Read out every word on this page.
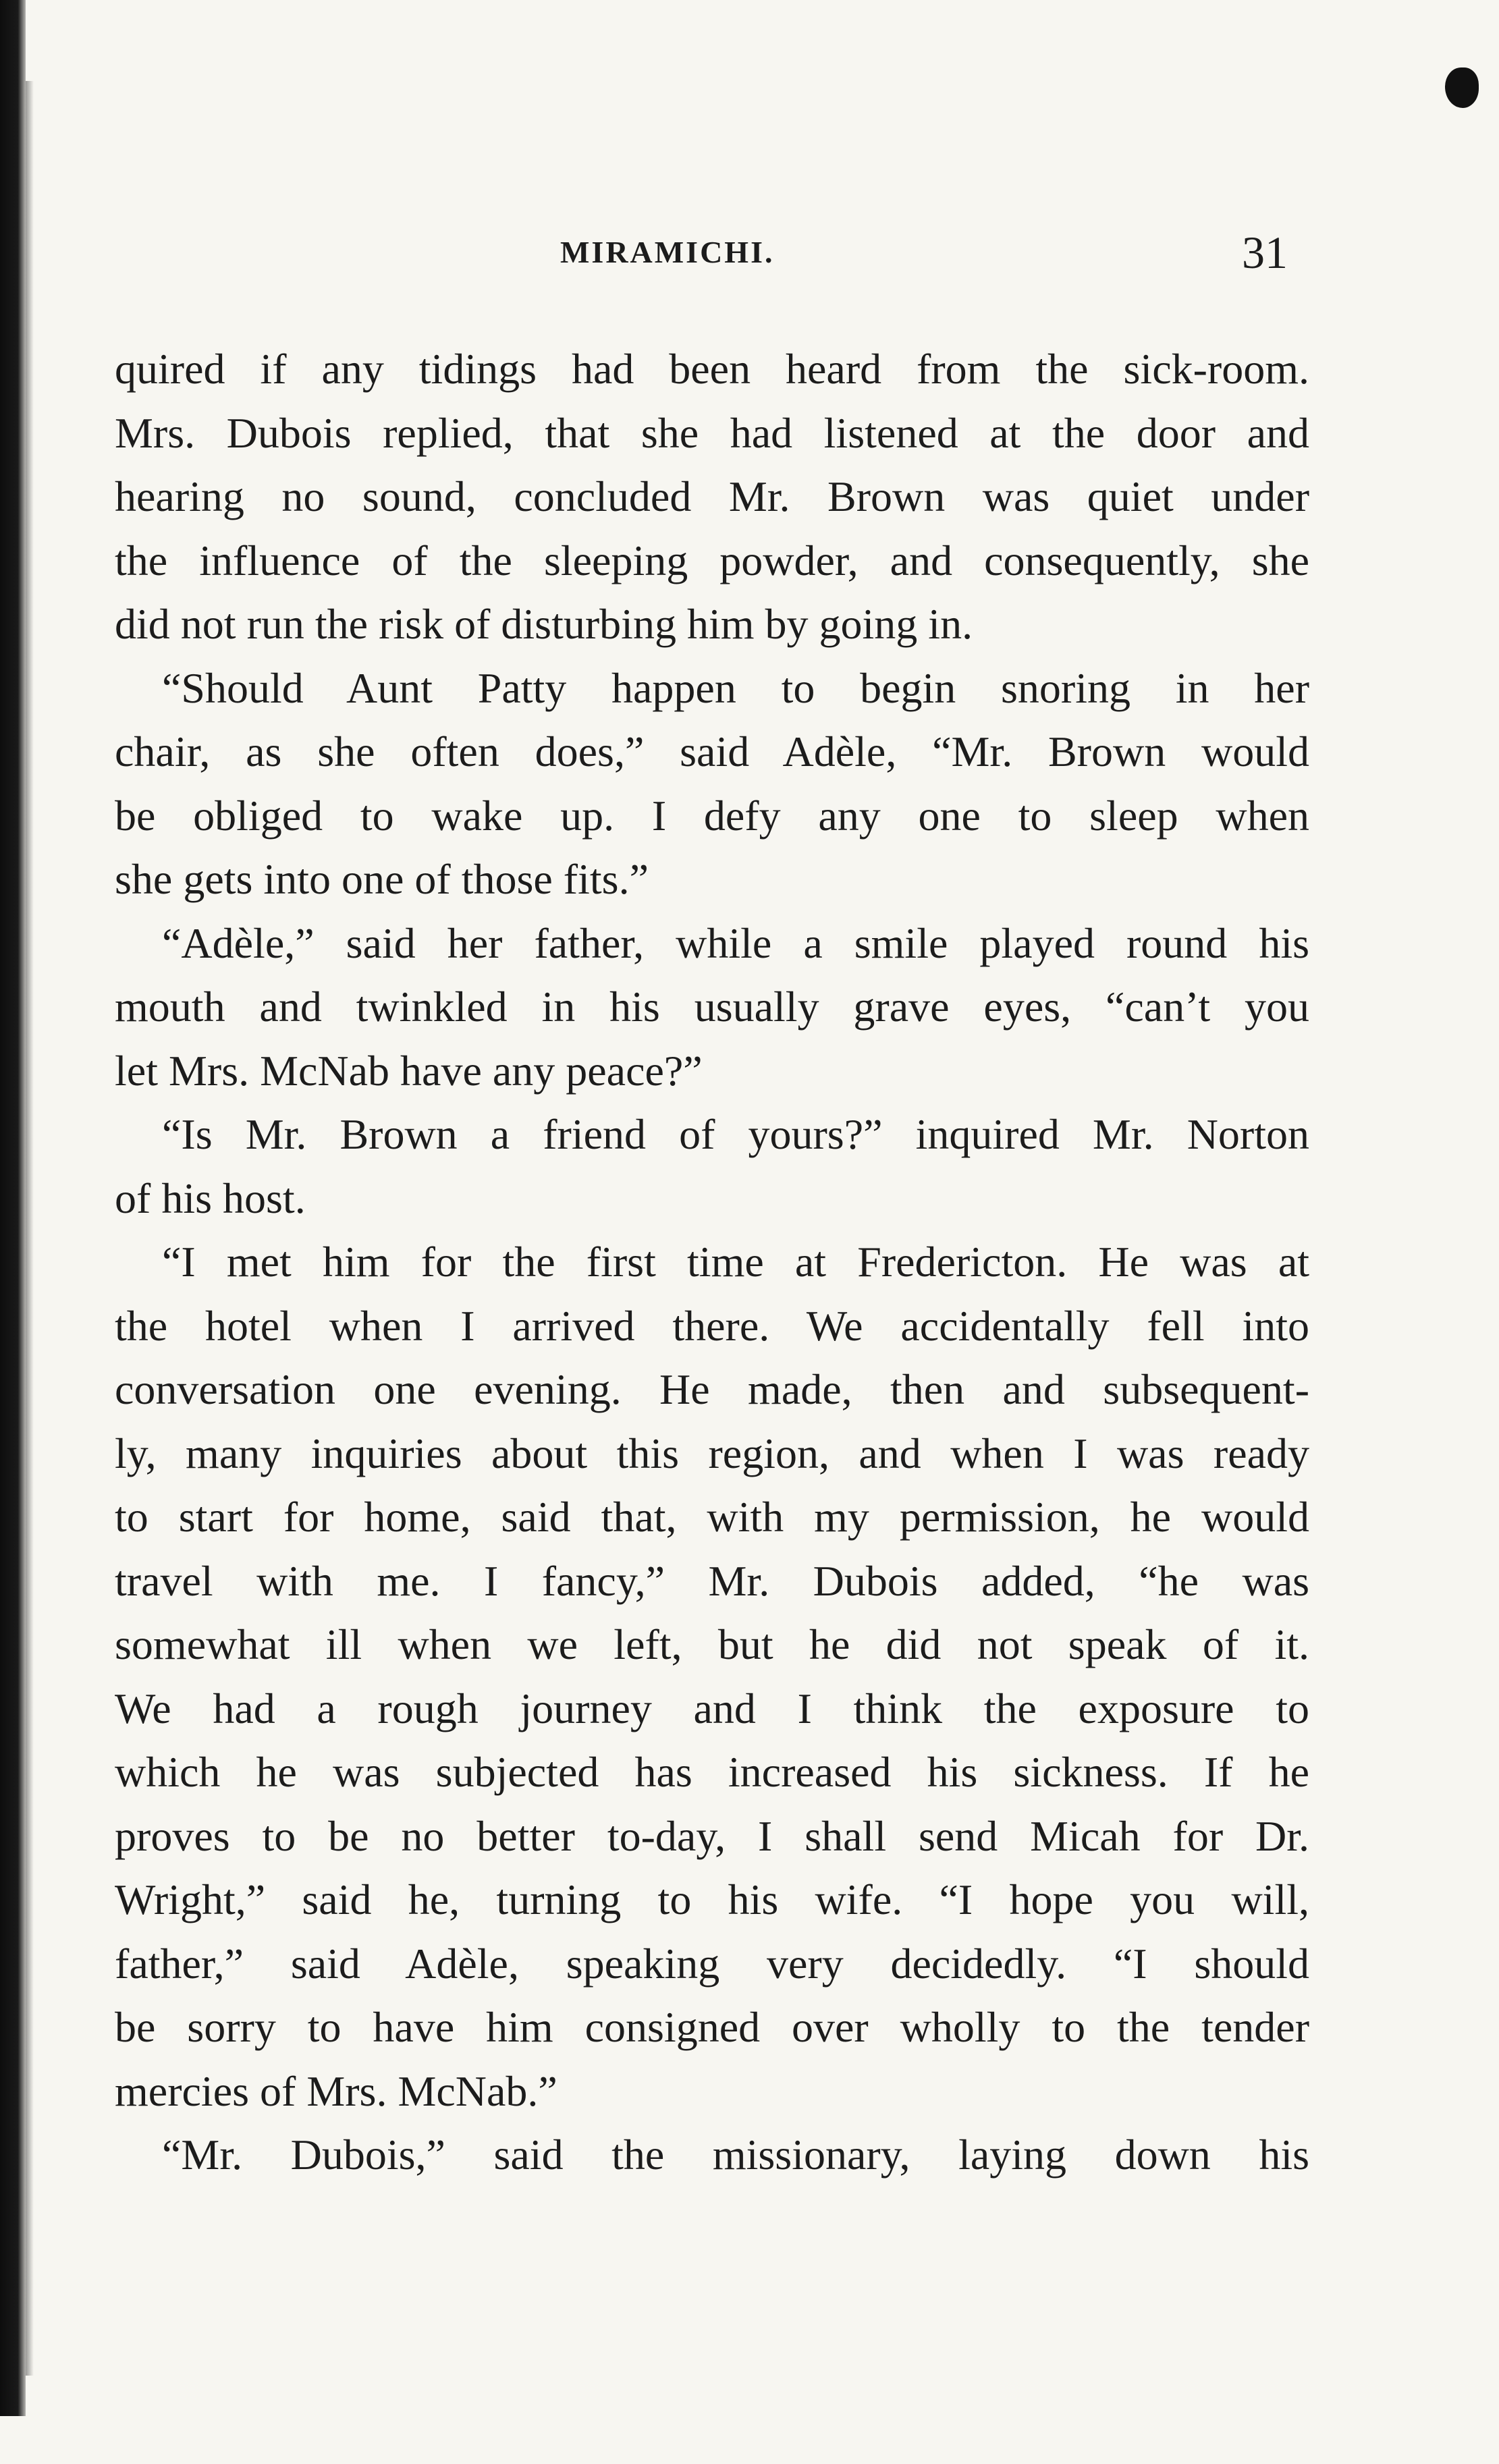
MIRAMICHI.	31
quired if any tidings had been heard from the sick-room.
Mrs. Dubois replied, that she had listened at the door and
hearing no sound, concluded Mr. Brown was quiet under
the influence of the sleeping powder, and consequently, she
did not run the risk of disturbing him by going in.
“Should Aunt Patty happen to begin snoring in her
chair, as she often does,” said Adèle, “Mr. Brown would
be obliged to wake up. I defy any one to sleep when
she gets into one of those fits.”
“Adèle,” said her father, while a smile played round his
mouth and twinkled in his usually grave eyes, “can’t you
let Mrs. McNab have any peace?”
“Is Mr. Brown a friend of yours?” inquired Mr. Norton
of his host.
“I met him for the first time at Fredericton. He was at
the hotel when I arrived there. We accidentally fell into
conversation one evening. He made, then and subsequent-
ly, many inquiries about this region, and when I was ready
to start for home, said that, with my permission, he would
travel with me. I fancy,” Mr. Dubois added, “he was
somewhat ill when we left, but he did not speak of it.
We had a rough journey and I think the exposure to
which he was subjected has increased his sickness. If he
proves to be no better to-day, I shall send Micah for Dr.
Wright,” said he, turning to his wife. “I hope you will,
father,” said Adèle, speaking very decidedly. “I should
be sorry to have him consigned over wholly to the tender
mercies of Mrs. McNab.”
“Mr. Dubois,” said the missionary, laying down his
